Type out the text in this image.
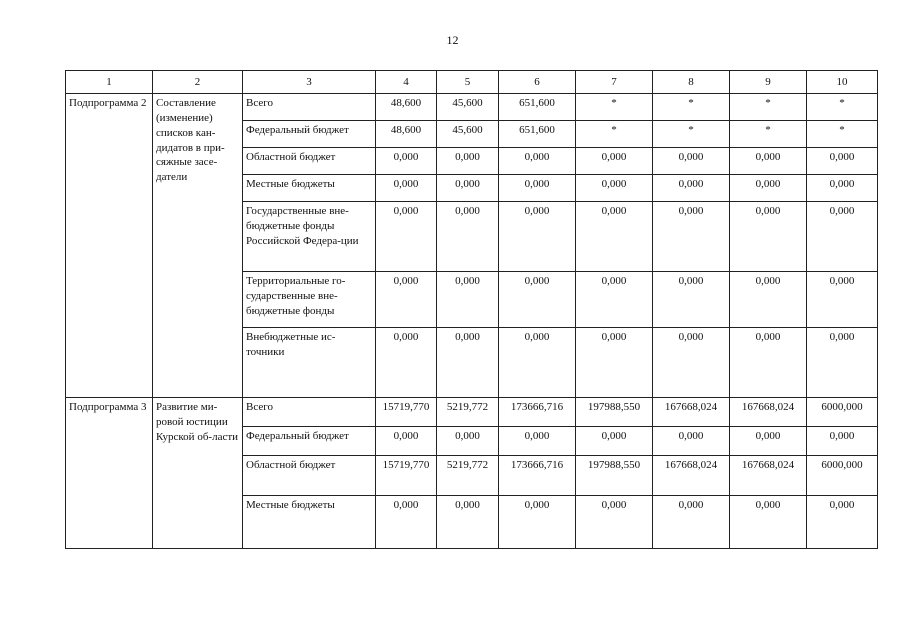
12
1	2	3	4	5	6	7	8	9	10
Подпрограмма 2	Составление (изменение) списков кан-дидатов в при-сяжные засе-датели	Всего	48,600	45,600	651,600	*	*	*	*
		Федеральный бюджет	48,600	45,600	651,600	*	*	*	*
		Областной бюджет	0,000	0,000	0,000	0,000	0,000	0,000	0,000
		Местные бюджеты	0,000	0,000	0,000	0,000	0,000	0,000	0,000
		Государственные вне-бюджетные фонды Российской Федера-ции	0,000	0,000	0,000	0,000	0,000	0,000	0,000
		Территориальные го-сударственные вне-бюджетные фонды	0,000	0,000	0,000	0,000	0,000	0,000	0,000
		Внебюджетные ис-точники	0,000	0,000	0,000	0,000	0,000	0,000	0,000
Подпрограмма 3	Развитие ми-ровой юстиции Курской об-ласти	Всего	15719,770	5219,772	173666,716	197988,550	167668,024	167668,024	6000,000
		Федеральный бюджет	0,000	0,000	0,000	0,000	0,000	0,000	0,000
		Областной бюджет	15719,770	5219,772	173666,716	197988,550	167668,024	167668,024	6000,000
		Местные бюджеты	0,000	0,000	0,000	0,000	0,000	0,000	0,000
